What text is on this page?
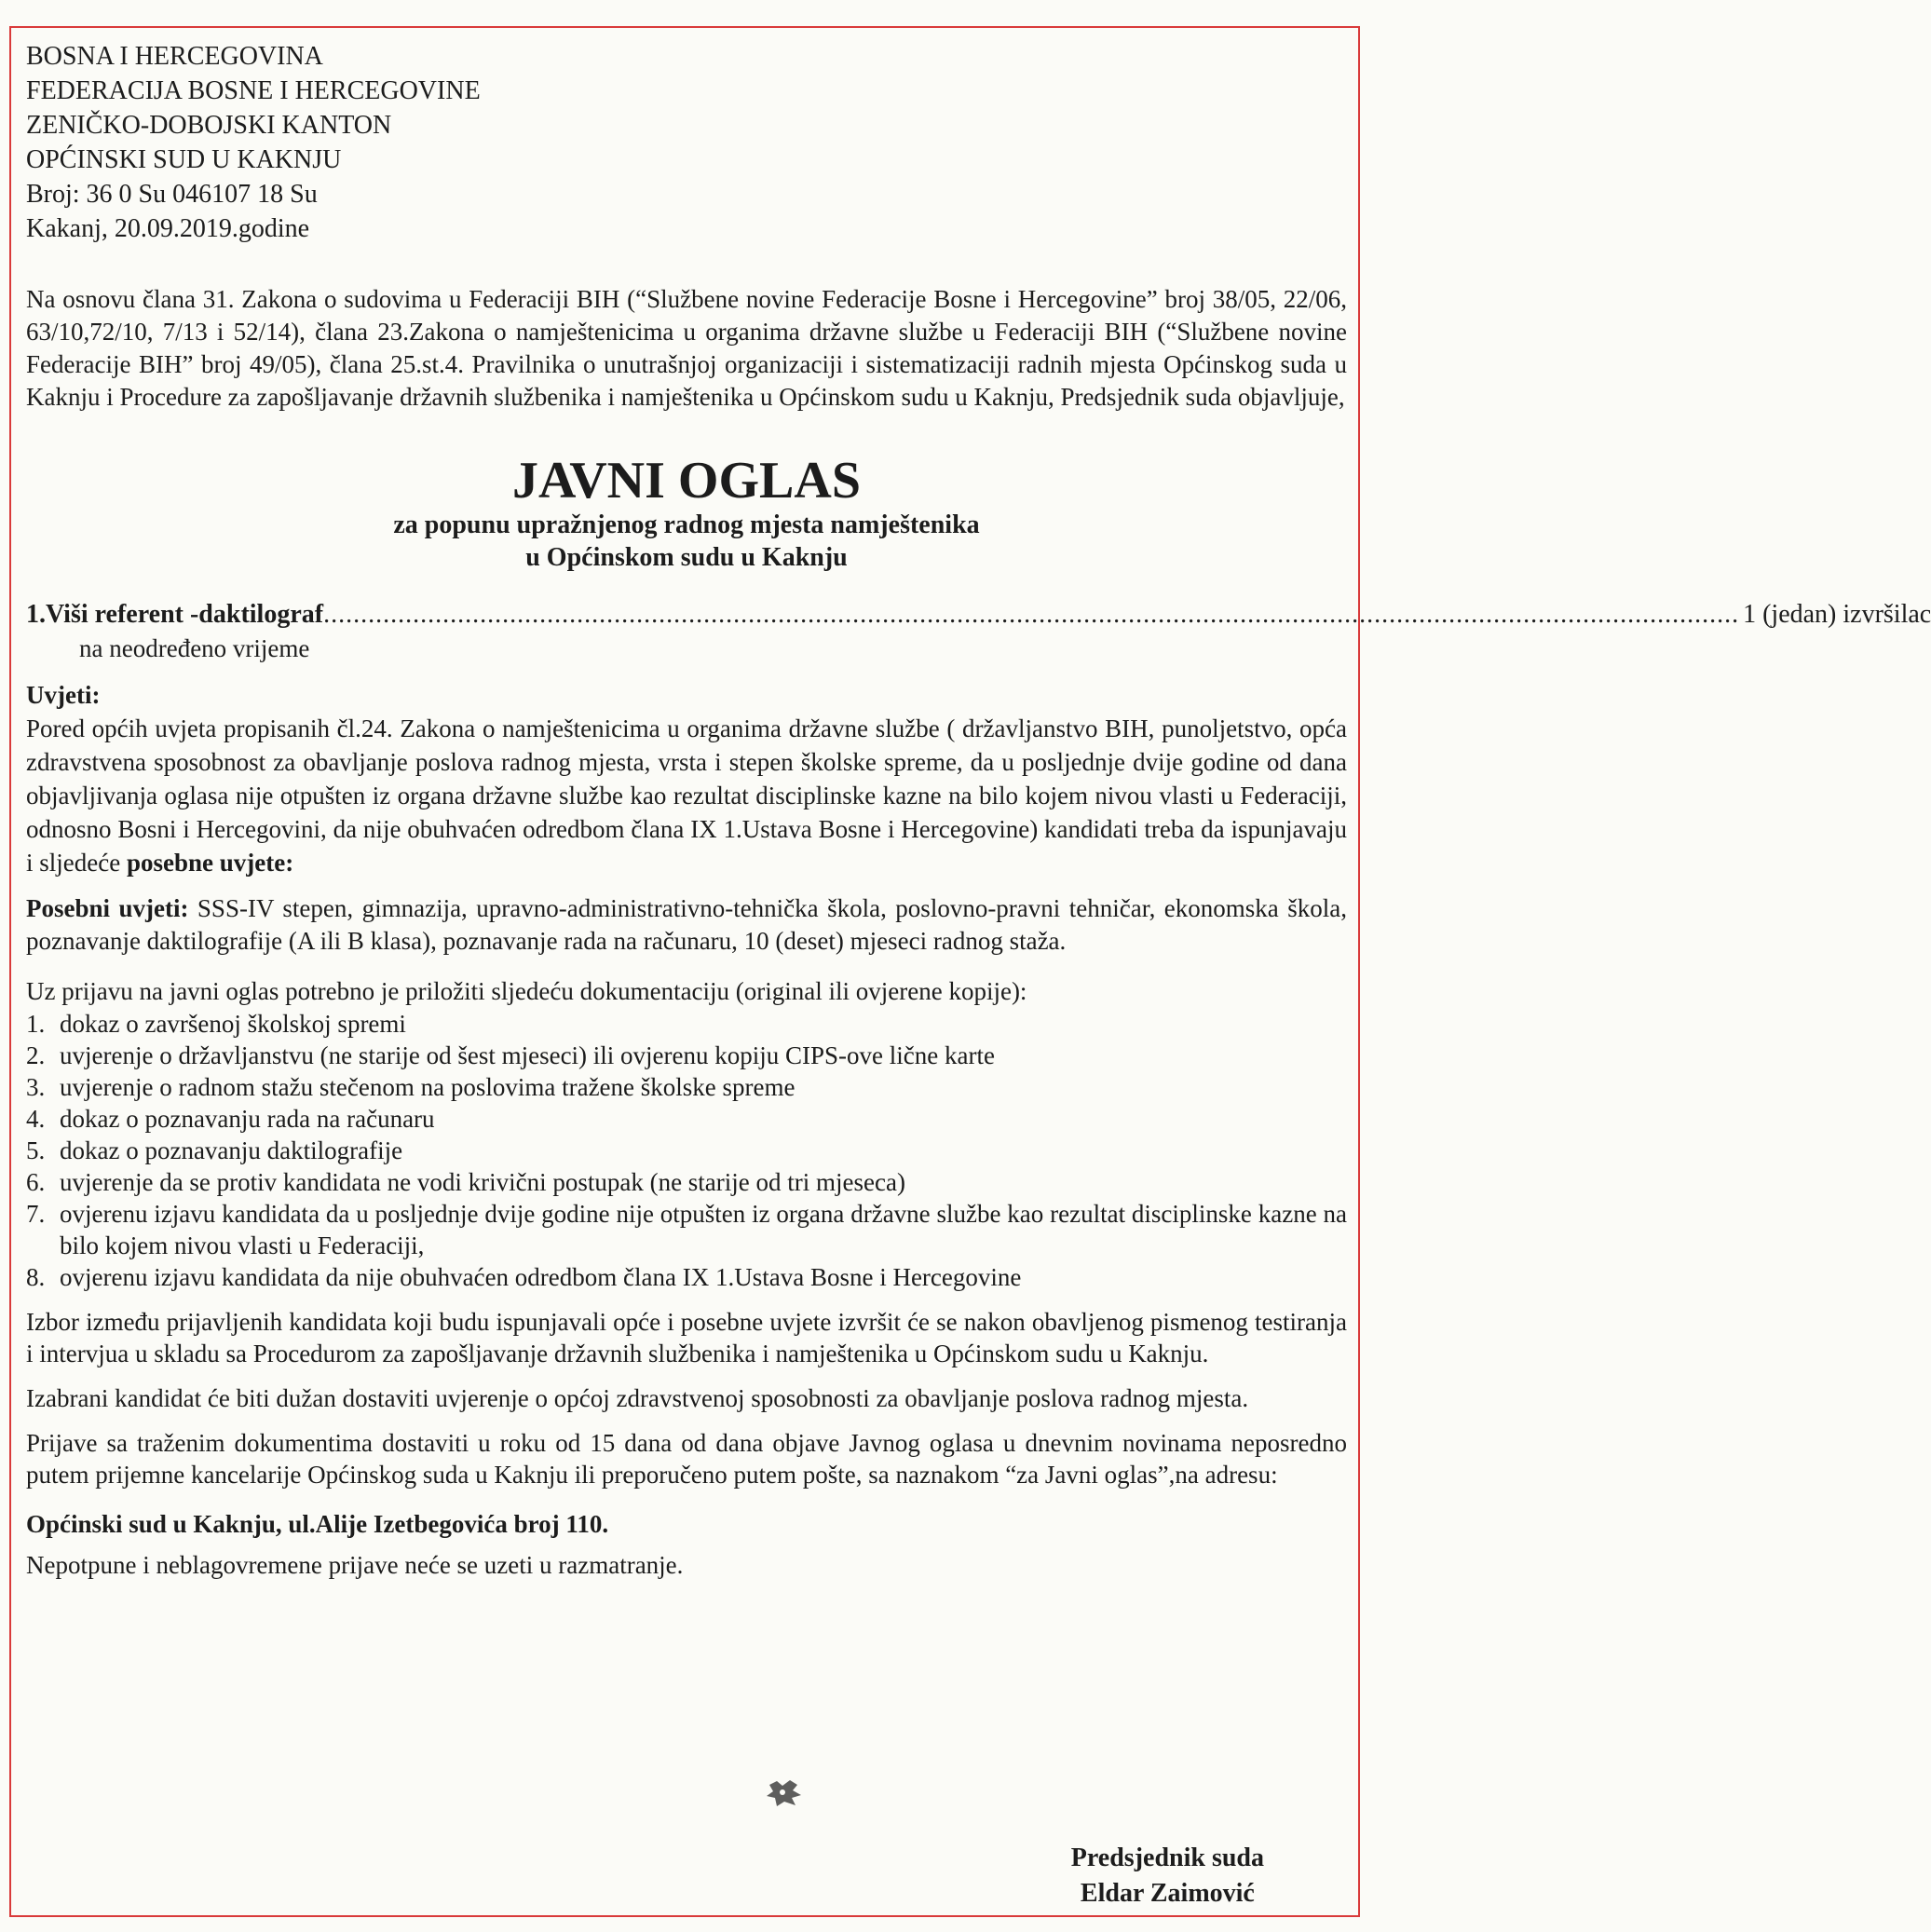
BOSNA I HERCEGOVINA
FEDERACIJA BOSNE I HERCEGOVINE
ZENIČKO-DOBOJSKI KANTON
OPĆINSKI SUD U KAKNJU
Broj: 36 0 Su 046107 18 Su
Kakanj, 20.09.2019.godine

Na osnovu člana 31. Zakona o sudovima u Federaciji BIH (“Službene novine Federacije Bosne i Hercegovine” broj 38/05, 22/06, 63/10,72/10, 7/13 i 52/14), člana 23.Zakona o namještenicima u organima državne službe u Federaciji BIH (“Službene novine Federacije BIH” broj 49/05), člana 25.st.4. Pravilnika o unutrašnjoj organizaciji i sistematizaciji radnih mjesta Općinskog suda u Kaknju i Procedure za zapošljavanje državnih službenika i namještenika u Općinskom sudu u Kaknju, Predsjednik suda objavljuje,

JAVNI OGLAS
za popunu upražnjenog radnog mjesta namještenika
u Općinskom sudu u Kaknju
1. Viši referent -daktilograf .............................................................................................................................................................................................. 1 (jedan) izvršilac
na neodređeno vrijeme
Uvjeti:

Pored općih uvjeta propisanih čl.24. Zakona o namještenicima u organima državne službe ( državljanstvo BIH, punoljetstvo, opća zdravstvena sposobnost za obavljanje poslova radnog mjesta, vrsta i stepen školske spreme, da u posljednje dvije godine od dana objavljivanja oglasa nije otpušten iz organa državne službe kao rezultat disciplinske kazne na bilo kojem nivou vlasti u Federaciji, odnosno Bosni i Hercegovini, da nije obuhvaćen odredbom člana IX 1.Ustava Bosne i Hercegovine) kandidati treba da ispunjavaju i sljedeće posebne uvjete:

Posebni uvjeti: SSS-IV stepen, gimnazija, upravno-administrativno-tehnička škola, poslovno-pravni tehničar, ekonomska škola, poznavanje daktilografije (A ili B klasa), poznavanje rada na računaru, 10 (deset) mjeseci radnog staža.

Uz prijavu na javni oglas potrebno je priložiti sljedeću dokumentaciju (original ili ovjerene kopije):

1. dokaz o završenoj školskoj spremi
2. uvjerenje o državljanstvu (ne starije od šest mjeseci) ili ovjerenu kopiju CIPS-ove lične karte
3. uvjerenje o radnom stažu stečenom na poslovima tražene školske spreme
4. dokaz o poznavanju rada na računaru
5. dokaz o poznavanju daktilografije
6. uvjerenje da se protiv kandidata ne vodi krivični postupak (ne starije od tri mjeseca)
7. ovjerenu izjavu kandidata da u posljednje dvije godine nije otpušten iz organa državne službe kao rezultat disciplinske kazne na bilo kojem nivou vlasti u Federaciji,
8. ovjerenu izjavu kandidata da nije obuhvaćen odredbom člana IX 1.Ustava Bosne i Hercegovine

Izbor između prijavljenih kandidata koji budu ispunjavali opće i posebne uvjete izvršit će se nakon obavljenog pismenog testiranja i intervjua u skladu sa Procedurom za zapošljavanje državnih službenika i namještenika u Općinskom sudu u Kaknju.

Izabrani kandidat će biti dužan dostaviti uvjerenje o općoj zdravstvenoj sposobnosti za obavljanje poslova radnog mjesta.

Prijave sa traženim dokumentima dostaviti u roku od 15 dana od dana objave Javnog oglasa u dnevnim novinama neposredno putem prijemne kancelarije Općinskog suda u Kaknju ili preporučeno putem pošte, sa naznakom “za Javni oglas”,na adresu:

Općinski sud u Kaknju, ul.Alije Izetbegovića broj 110.
Nepotpune i neblagovremene prijave neće se uzeti u razmatranje.
Predsjednik suda
Eldar Zaimović
